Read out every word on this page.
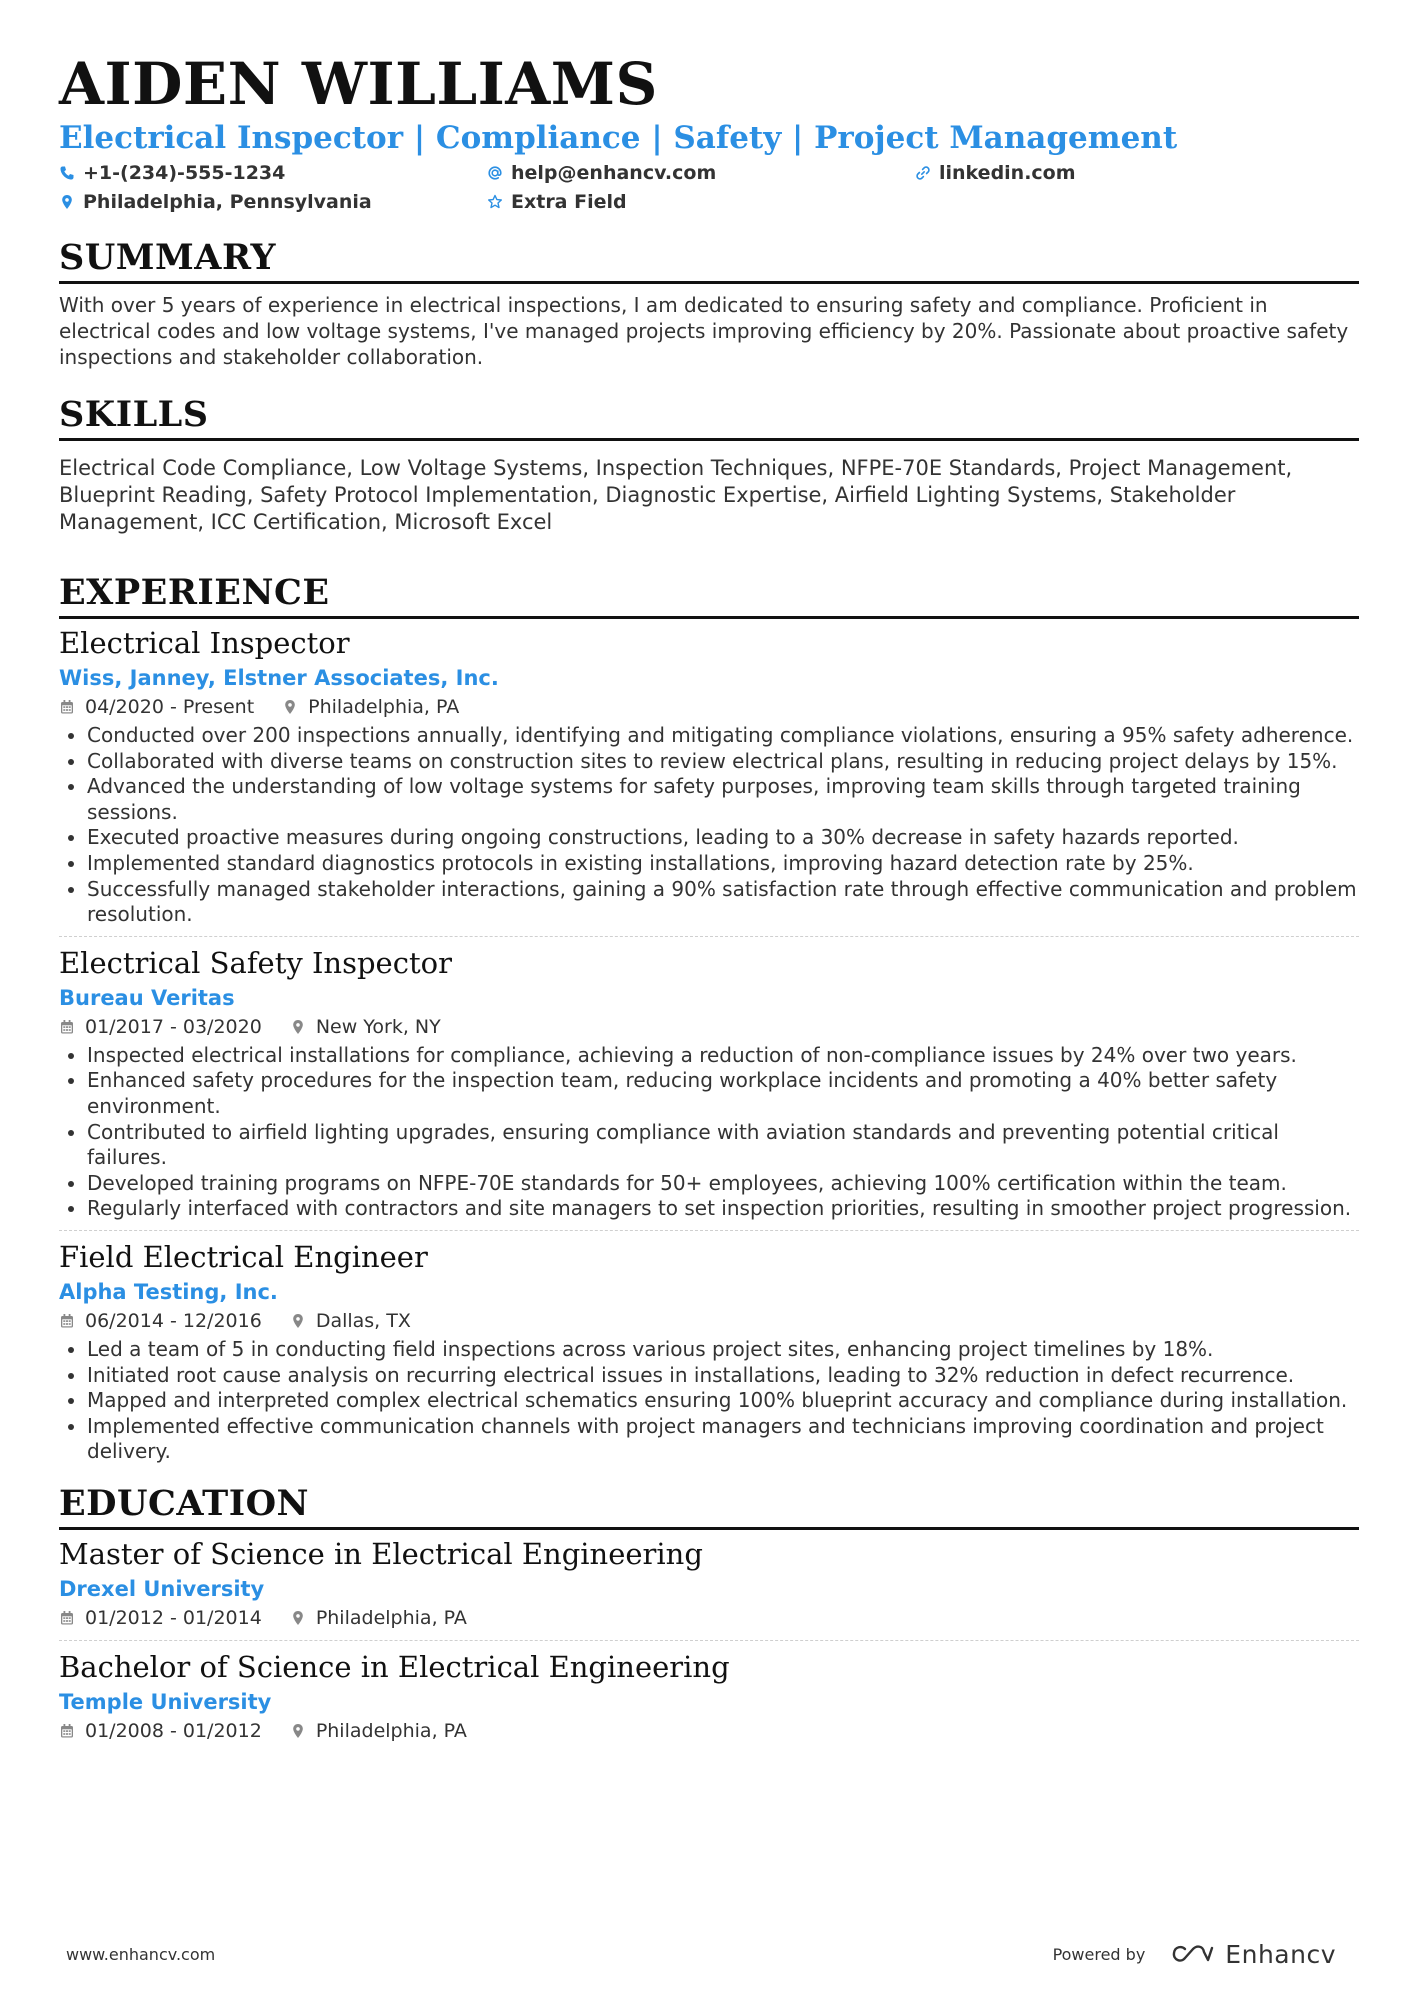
AIDEN WILLIAMS
Electrical Inspector | Compliance | Safety | Project Management
+1-(234)-555-1234	help@enhancv.com	linkedin.com
Philadelphia, Pennsylvania	Extra Field
SUMMARY
With over 5 years of experience in electrical inspections, I am dedicated to ensuring safety and compliance. Proficient in electrical codes and low voltage systems, I've managed projects improving efficiency by 20%. Passionate about proactive safety inspections and stakeholder collaboration.
SKILLS
Electrical Code Compliance, Low Voltage Systems, Inspection Techniques, NFPE-70E Standards, Project Management, Blueprint Reading, Safety Protocol Implementation, Diagnostic Expertise, Airfield Lighting Systems, Stakeholder Management, ICC Certification, Microsoft Excel
EXPERIENCE
Electrical Inspector
Wiss, Janney, Elstner Associates, Inc.
04/2020 - Present	Philadelphia, PA
• Conducted over 200 inspections annually, identifying and mitigating compliance violations, ensuring a 95% safety adherence.
• Collaborated with diverse teams on construction sites to review electrical plans, resulting in reducing project delays by 15%.
• Advanced the understanding of low voltage systems for safety purposes, improving team skills through targeted training sessions.
• Executed proactive measures during ongoing constructions, leading to a 30% decrease in safety hazards reported.
• Implemented standard diagnostics protocols in existing installations, improving hazard detection rate by 25%.
• Successfully managed stakeholder interactions, gaining a 90% satisfaction rate through effective communication and problem resolution.
Electrical Safety Inspector
Bureau Veritas
01/2017 - 03/2020	New York, NY
• Inspected electrical installations for compliance, achieving a reduction of non-compliance issues by 24% over two years.
• Enhanced safety procedures for the inspection team, reducing workplace incidents and promoting a 40% better safety environment.
• Contributed to airfield lighting upgrades, ensuring compliance with aviation standards and preventing potential critical failures.
• Developed training programs on NFPE-70E standards for 50+ employees, achieving 100% certification within the team.
• Regularly interfaced with contractors and site managers to set inspection priorities, resulting in smoother project progression.
Field Electrical Engineer
Alpha Testing, Inc.
06/2014 - 12/2016	Dallas, TX
• Led a team of 5 in conducting field inspections across various project sites, enhancing project timelines by 18%.
• Initiated root cause analysis on recurring electrical issues in installations, leading to 32% reduction in defect recurrence.
• Mapped and interpreted complex electrical schematics ensuring 100% blueprint accuracy and compliance during installation.
• Implemented effective communication channels with project managers and technicians improving coordination and project delivery.
EDUCATION
Master of Science in Electrical Engineering
Drexel University
01/2012 - 01/2014	Philadelphia, PA
Bachelor of Science in Electrical Engineering
Temple University
01/2008 - 01/2012	Philadelphia, PA
www.enhancv.com	Powered by	Enhancv
